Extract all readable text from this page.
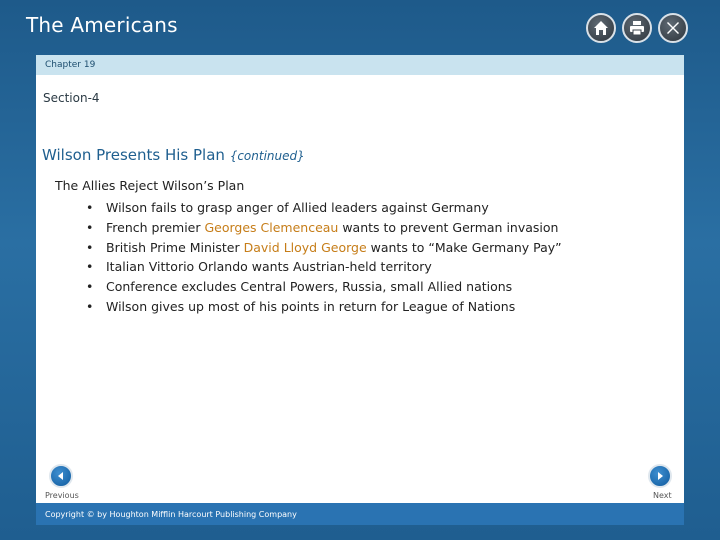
The Americans
Chapter 19
Section-4
Wilson Presents His Plan {continued}
The Allies Reject Wilson’s Plan
• Wilson fails to grasp anger of Allied leaders against Germany
• French premier Georges Clemenceau wants to prevent German invasion
• British Prime Minister David Lloyd George wants to “Make Germany Pay”
• Italian Vittorio Orlando wants Austrian-held territory
• Conference excludes Central Powers, Russia, small Allied nations
• Wilson gives up most of his points in return for League of Nations
Previous	Next
Copyright © by Houghton Mifflin Harcourt Publishing Company
